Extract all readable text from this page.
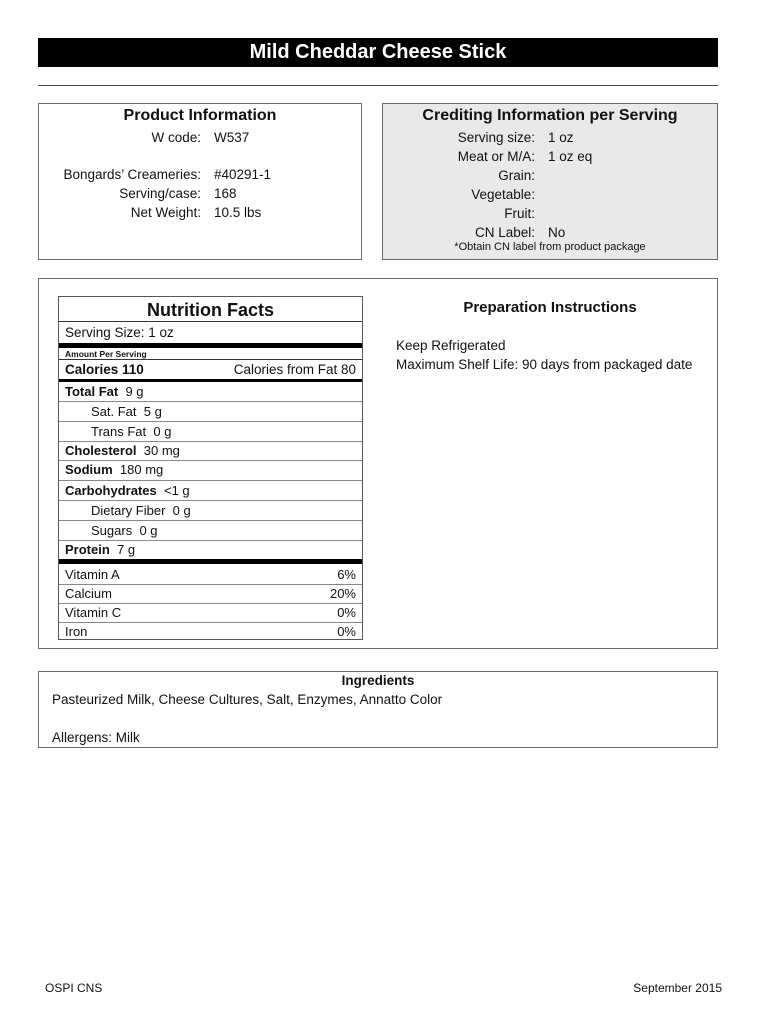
Mild Cheddar Cheese Stick
Product Information
W code: W537
Bongards’ Creameries: #40291-1
Serving/case: 168
Net Weight: 10.5 lbs
Crediting Information per Serving
Serving size: 1 oz
Meat or M/A: 1 oz eq
Grain:
Vegetable:
Fruit:
CN Label: No
*Obtain CN label from product package
Nutrition Facts
Serving Size: 1 oz
Amount Per Serving
Calories 110	Calories from Fat 80
Total Fat 9 g
Sat. Fat 5 g
Trans Fat 0 g
Cholesterol 30 mg
Sodium 180 mg
Carbohydrates <1 g
Dietary Fiber 0 g
Sugars 0 g
Protein 7 g
Vitamin A	6%
Calcium	20%
Vitamin C	0%
Iron	0%
Preparation Instructions
Keep Refrigerated
Maximum Shelf Life: 90 days from packaged date
Ingredients
Pasteurized Milk, Cheese Cultures, Salt, Enzymes, Annatto Color
Allergens: Milk
OSPI CNS	September 2015
